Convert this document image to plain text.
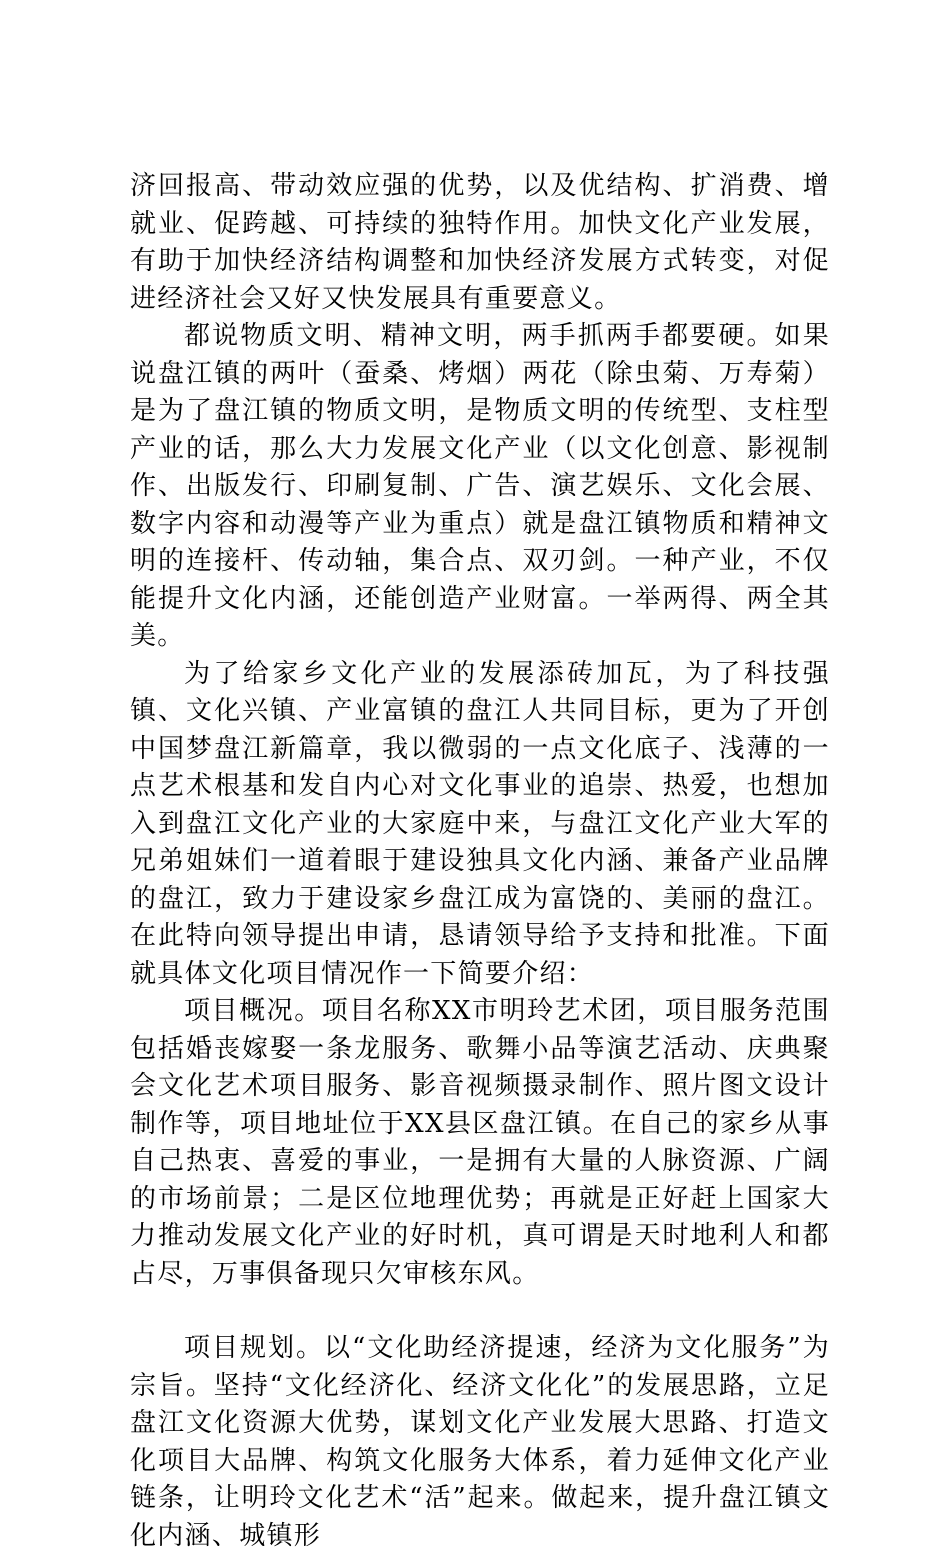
济回报高、带动效应强的优势，以及优结构、扩消费、增就业、促跨越、可持续的独特作用。加快文化产业发展，有助于加快经济结构调整和加快经济发展方式转变，对促进经济社会又好又快发展具有重要意义。

都说物质文明、精神文明，两手抓两手都要硬。如果说盘江镇的两叶（蚕桑、烤烟）两花（除虫菊、万寿菊）是为了盘江镇的物质文明，是物质文明的传统型、支柱型产业的话，那么大力发展文化产业（以文化创意、影视制作、出版发行、印刷复制、广告、演艺娱乐、文化会展、数字内容和动漫等产业为重点）就是盘江镇物质和精神文明的连接杆、传动轴，集合点、双刃剑。一种产业，不仅能提升文化内涵，还能创造产业财富。一举两得、两全其美。

为了给家乡文化产业的发展添砖加瓦，为了科技强镇、文化兴镇、产业富镇的盘江人共同目标，更为了开创中国梦盘江新篇章，我以微弱的一点文化底子、浅薄的一点艺术根基和发自内心对文化事业的追崇、热爱，也想加入到盘江文化产业的大家庭中来，与盘江文化产业大军的兄弟姐妹们一道着眼于建设独具文化内涵、兼备产业品牌的盘江，致力于建设家乡盘江成为富饶的、美丽的盘江。在此特向领导提出申请，恳请领导给予支持和批准。下面就具体文化项目情况作一下简要介绍：

项目概况。项目名称XX市明玲艺术团，项目服务范围包括婚丧嫁娶一条龙服务、歌舞小品等演艺活动、庆典聚会文化艺术项目服务、影音视频摄录制作、照片图文设计制作等，项目地址位于XX县区盘江镇。在自己的家乡从事自己热衷、喜爱的事业，一是拥有大量的人脉资源、广阔的市场前景；二是区位地理优势；再就是正好赶上国家大力推动发展文化产业的好时机，真可谓是天时地利人和都占尽，万事俱备现只欠审核东风。

项目规划。以“文化助经济提速，经济为文化服务”为宗旨。坚持“文化经济化、经济文化化”的发展思路，立足盘江文化资源大优势，谋划文化产业发展大思路、打造文化项目大品牌、构筑文化服务大体系，着力延伸文化产业链条，让明玲文化艺术“活”起来。做起来，提升盘江镇文化内涵、城镇形
